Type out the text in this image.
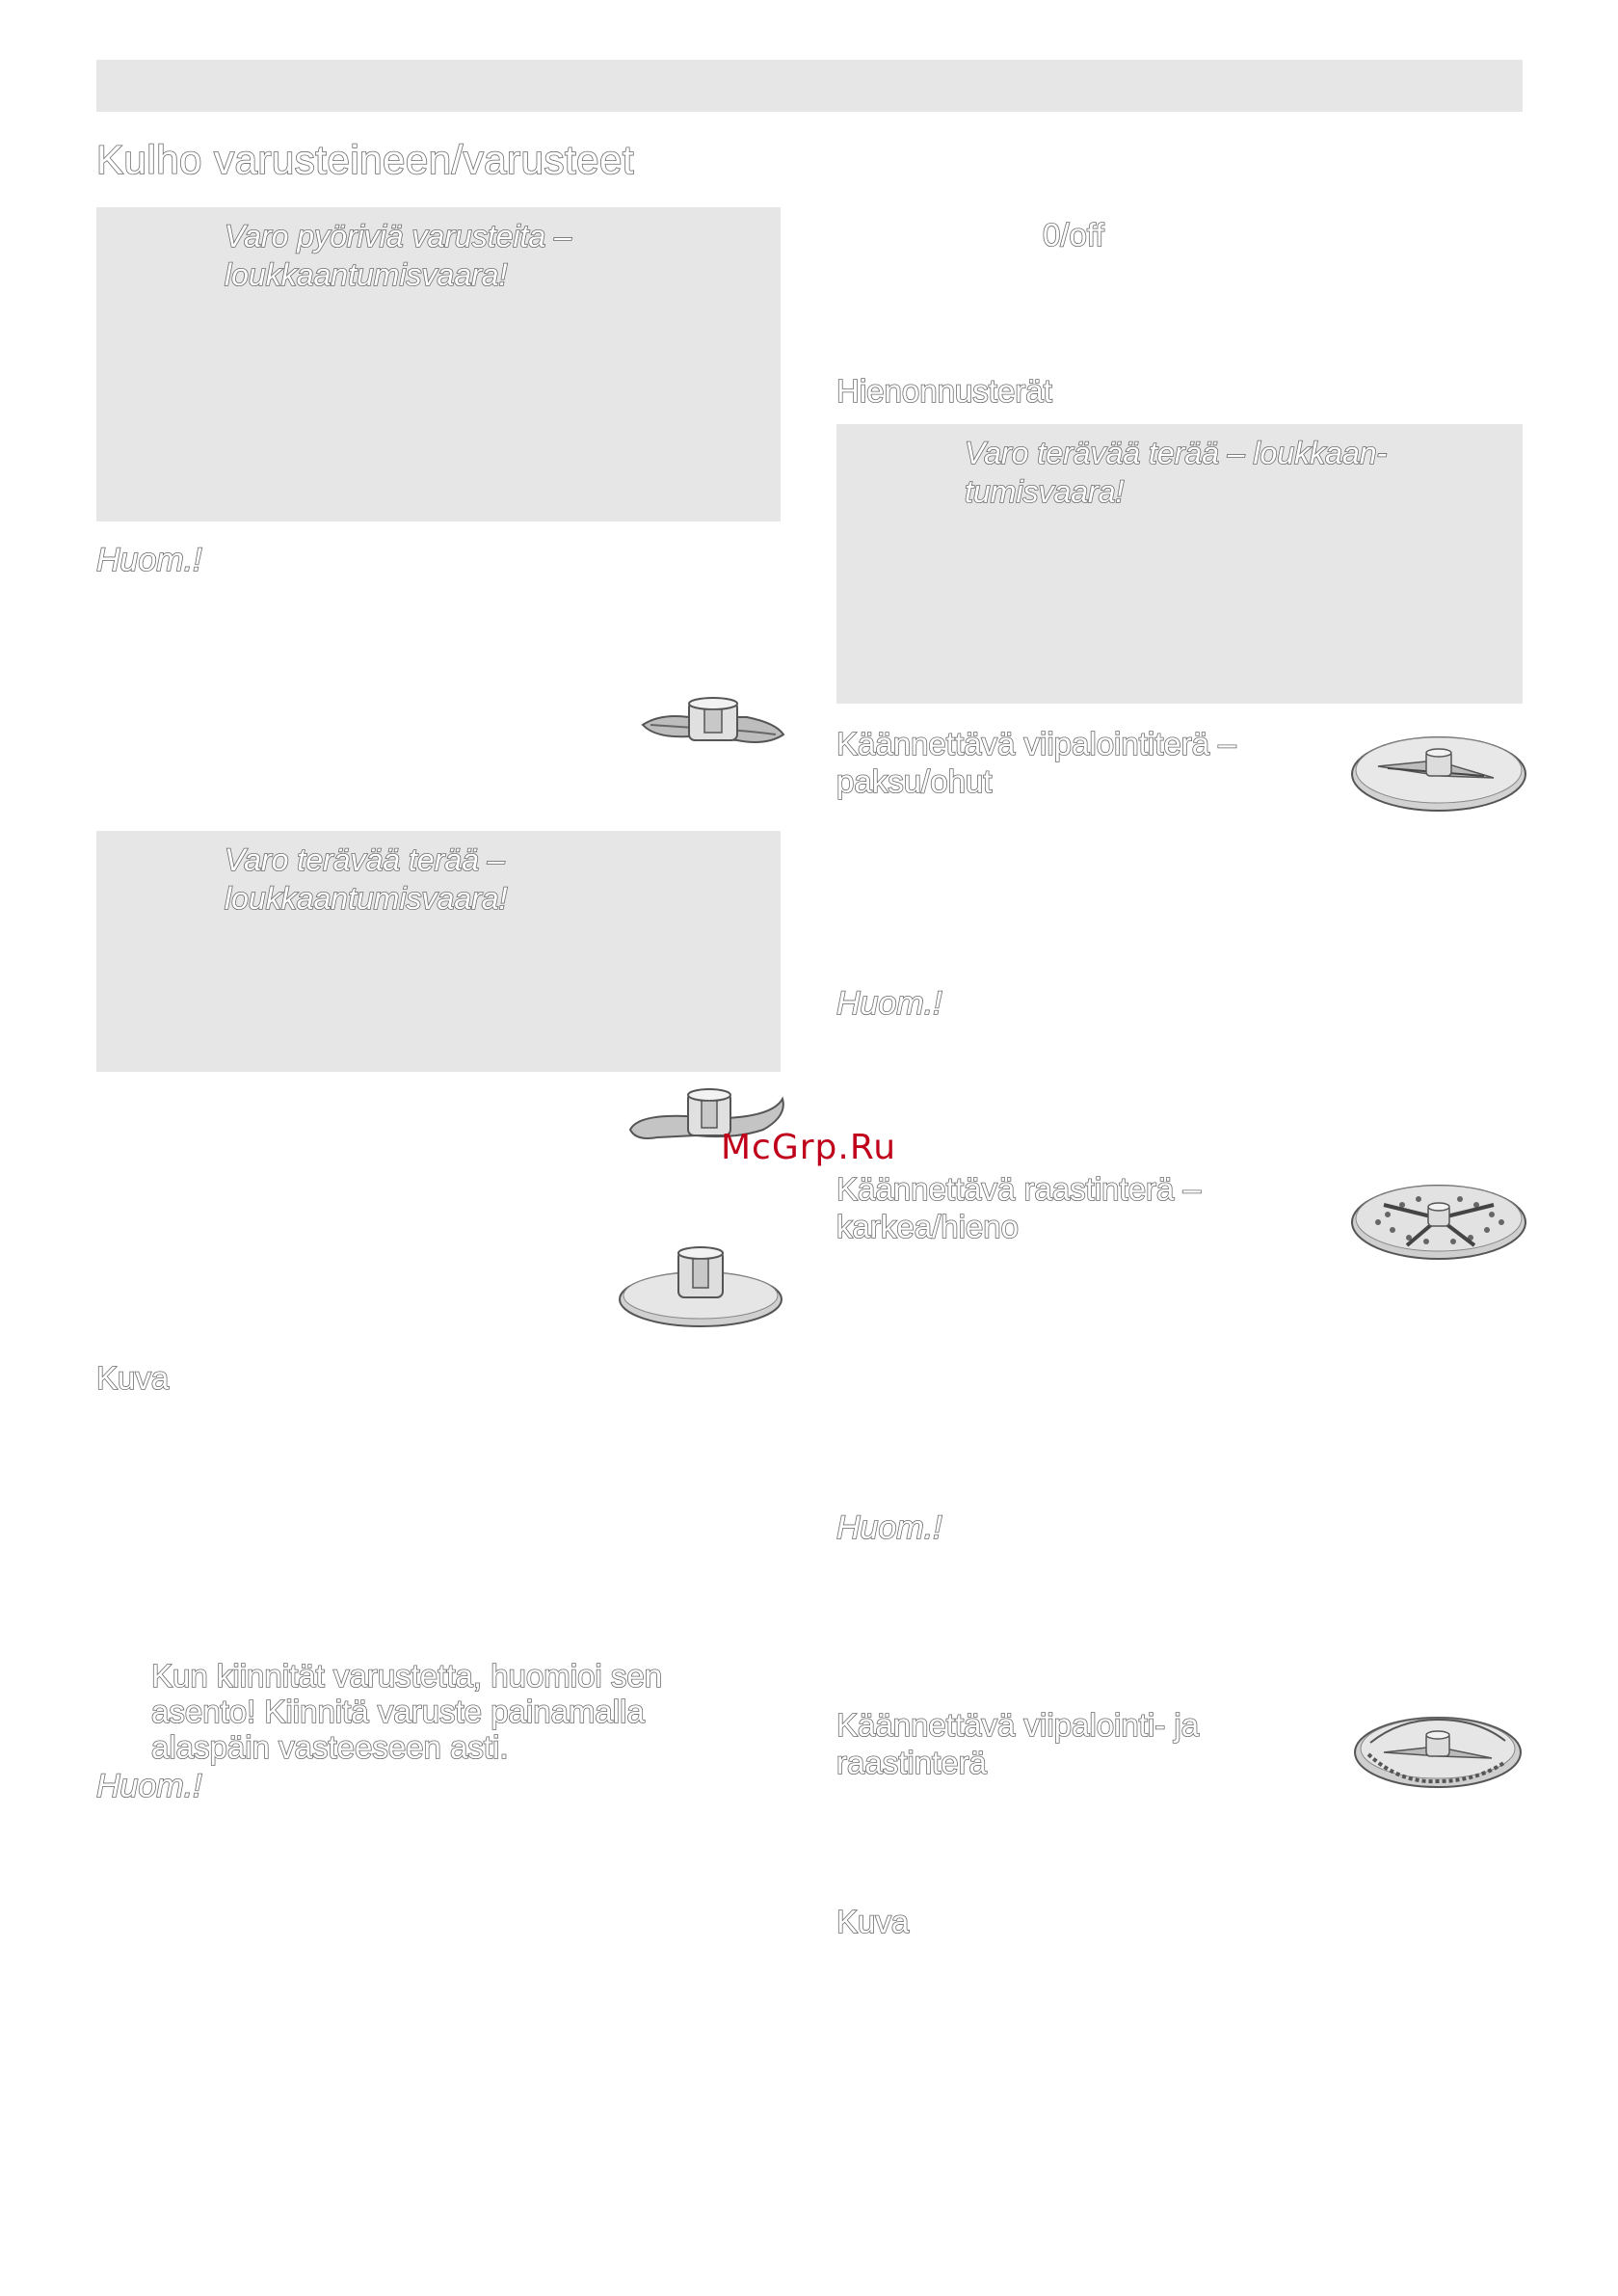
Kulho varusteineen/varusteet
Varo pyöriviä varusteita –
loukkaantumisvaara!
Huom.!
Varo terävää terää –
loukkaantumisvaara!
Kuva
Kun kiinnität varustetta, huomioi sen
asento! Kiinnitä varuste painamalla
alaspäin vasteeseen asti.
Huom.!
0/off
Hienonnusterät
Varo terävää terää – loukkaan-
tumisvaara!
Käännettävä viipalointiterä –
paksu/ohut
Huom.!
Käännettävä raastinterä –
karkea/hieno
Huom.!
Käännettävä viipalointi- ja
raastinterä
Kuva
McGrp.Ru
